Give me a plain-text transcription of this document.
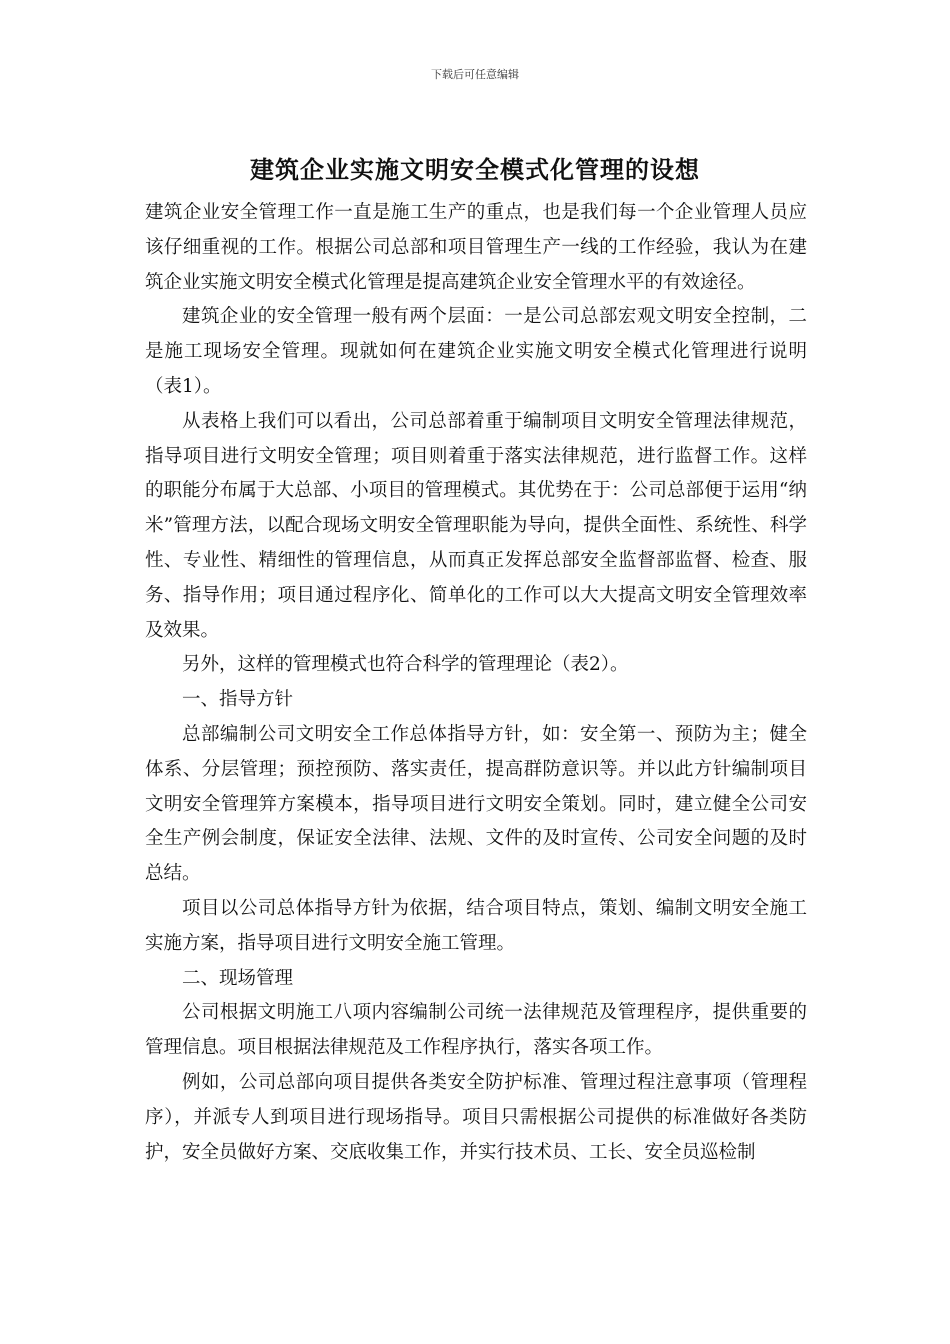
下载后可任意编辑
建筑企业实施文明安全模式化管理的设想

建筑企业安全管理工作一直是施工生产的重点，也是我们每一个企业管理人员应该仔细重视的工作。根据公司总部和项目管理生产一线的工作经验，我认为在建筑企业实施文明安全模式化管理是提高建筑企业安全管理水平的有效途径。

建筑企业的安全管理一般有两个层面：一是公司总部宏观文明安全控制，二是施工现场安全管理。现就如何在建筑企业实施文明安全模式化管理进行说明（表1）。

从表格上我们可以看出，公司总部着重于编制项目文明安全管理法律规范，指导项目进行文明安全管理；项目则着重于落实法律规范，进行监督工作。这样的职能分布属于大总部、小项目的管理模式。其优势在于：公司总部便于运用“纳米”管理方法，以配合现场文明安全管理职能为导向，提供全面性、系统性、科学性、专业性、精细性的管理信息，从而真正发挥总部安全监督部监督、检查、服务、指导作用；项目通过程序化、简单化的工作可以大大提高文明安全管理效率及效果。

另外，这样的管理模式也符合科学的管理理论（表2）。

一、指导方针

总部编制公司文明安全工作总体指导方针，如：安全第一、预防为主；健全体系、分层管理；预控预防、落实责任，提高群防意识等。并以此方针编制项目文明安全管理笄方案模本，指导项目进行文明安全策划。同时，建立健全公司安全生产例会制度，保证安全法律、法规、文件的及时宣传、公司安全问题的及时总结。

项目以公司总体指导方针为依据，结合项目特点，策划、编制文明安全施工实施方案，指导项目进行文明安全施工管理。

二、现场管理

公司根据文明施工八项内容编制公司统一法律规范及管理程序，提供重要的管理信息。项目根据法律规范及工作程序执行，落实各项工作。

例如，公司总部向项目提供各类安全防护标准、管理过程注意事项（管理程序），并派专人到项目进行现场指导。项目只需根据公司提供的标准做好各类防护，安全员做好方案、交底收集工作，并实行技术员、工长、安全员巡检制
